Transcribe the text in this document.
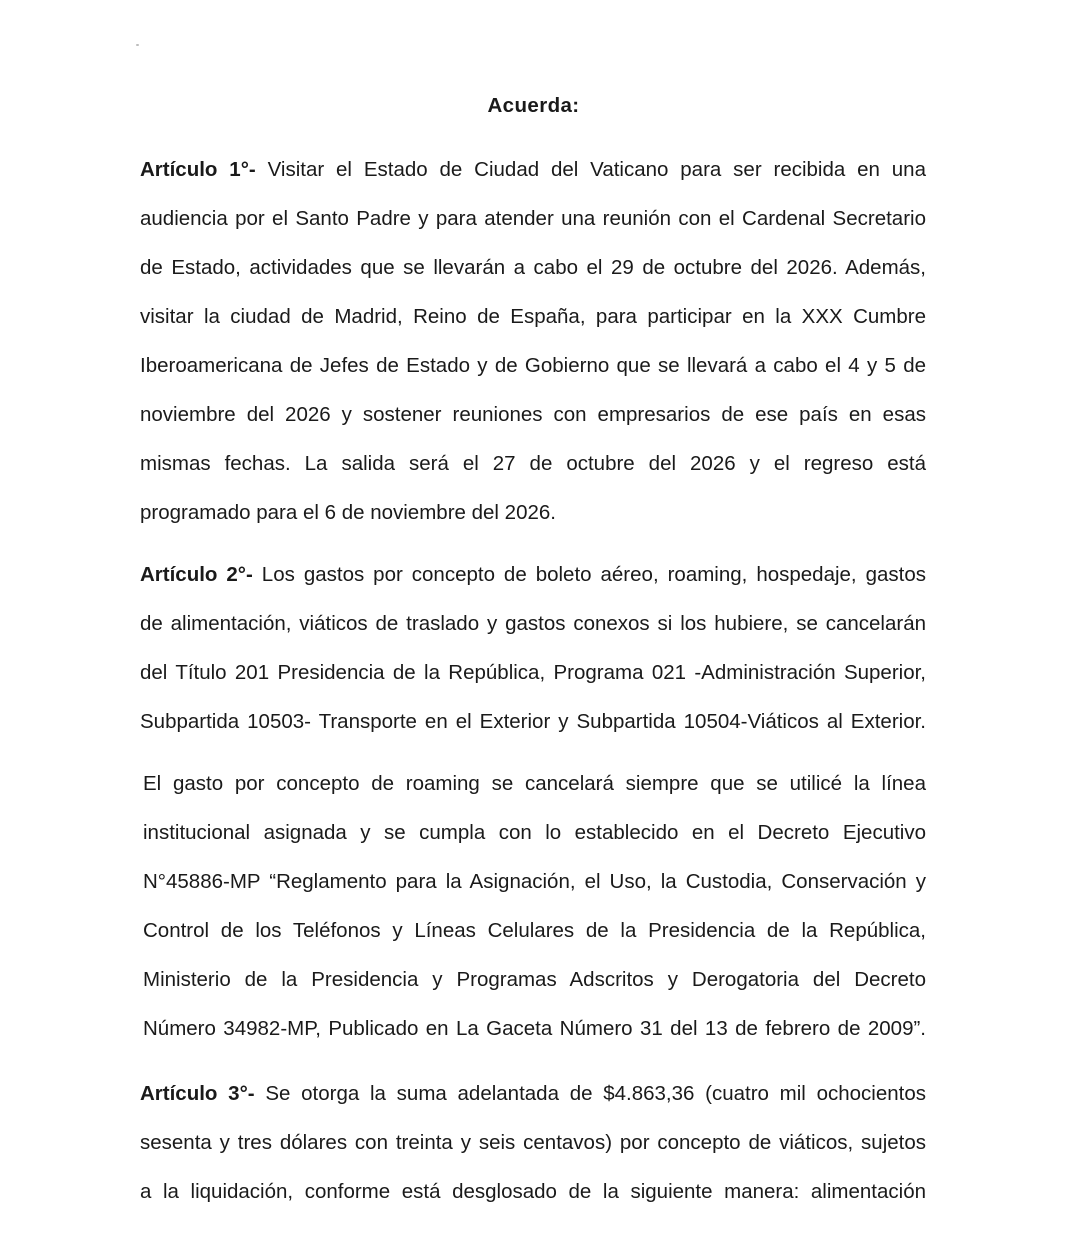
Acuerda:
Artículo 1°- Visitar el Estado de Ciudad del Vaticano para ser recibida en una
audiencia por el Santo Padre y para atender una reunión con el Cardenal Secretario
de Estado, actividades que se llevarán a cabo el 29 de octubre del 2026. Además,
visitar la ciudad de Madrid, Reino de España, para participar en la XXX Cumbre
Iberoamericana de Jefes de Estado y de Gobierno que se llevará a cabo el 4 y 5 de
noviembre del 2026 y sostener reuniones con empresarios de ese país en esas
mismas fechas. La salida será el 27 de octubre del 2026 y el regreso está
programado para el 6 de noviembre del 2026.
Artículo 2°- Los gastos por concepto de boleto aéreo, roaming, hospedaje, gastos
de alimentación, viáticos de traslado y gastos conexos si los hubiere, se cancelarán
del Título 201 Presidencia de la República, Programa 021 -Administración Superior,
Subpartida 10503- Transporte en el Exterior y Subpartida 10504-Viáticos al Exterior.
El gasto por concepto de roaming se cancelará siempre que se utilicé la línea
institucional asignada y se cumpla con lo establecido en el Decreto Ejecutivo
N°45886-MP “Reglamento para la Asignación, el Uso, la Custodia, Conservación y
Control de los Teléfonos y Líneas Celulares de la Presidencia de la República,
Ministerio de la Presidencia y Programas Adscritos y Derogatoria del Decreto
Número 34982-MP, Publicado en La Gaceta Número 31 del 13 de febrero de 2009”.
Artículo 3°- Se otorga la suma adelantada de $4.863,36 (cuatro mil ochocientos
sesenta y tres dólares con treinta y seis centavos) por concepto de viáticos, sujetos
a la liquidación, conforme está desglosado de la siguiente manera: alimentación
